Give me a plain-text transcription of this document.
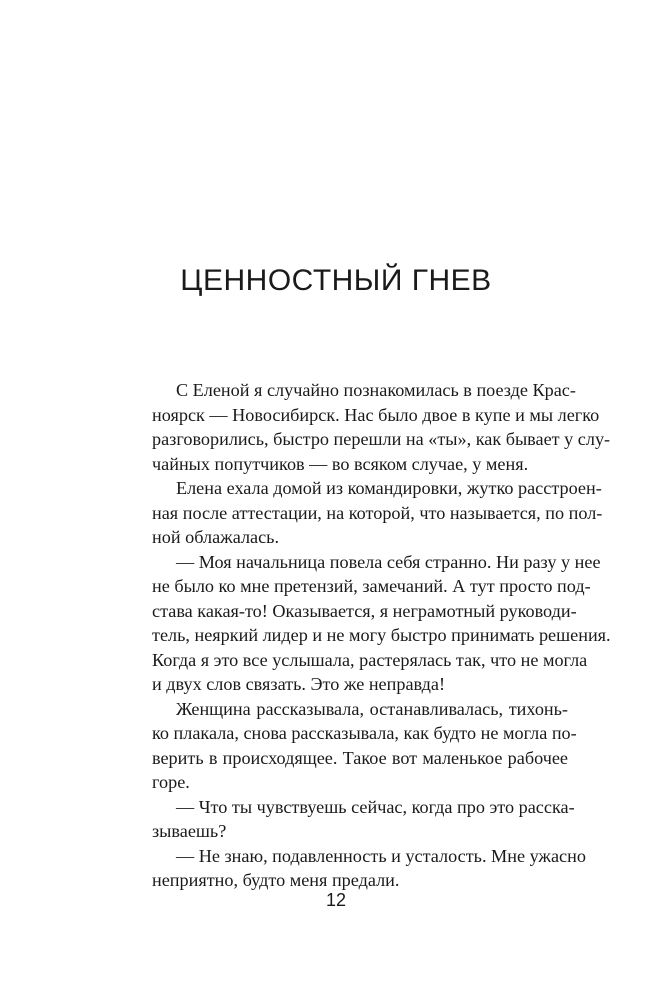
ЦЕННОСТНЫЙ ГНЕВ

С Еленой я случайно познакомилась в поезде Крас-
ноярск — Новосибирск. Нас было двое в купе и мы легко
разговорились, быстро перешли на «ты», как бывает у слу-
чайных попутчиков — во всяком случае, у меня.

Елена ехала домой из командировки, жутко расстроен-
ная после аттестации, на которой, что называется, по пол-
ной облажалась.

— Моя начальница повела себя странно. Ни разу у нее
не было ко мне претензий, замечаний. А тут просто под-
става какая-то! Оказывается, я неграмотный руководи-
тель, неяркий лидер и не могу быстро принимать решения.
Когда я это все услышала, растерялась так, что не могла
и двух слов связать. Это же неправда!

Женщина рассказывала, останавливалась, тихонь-
ко плакала, снова рассказывала, как будто не могла по-
верить в происходящее. Такое вот маленькое рабочее
горе.

— Что ты чувствуешь сейчас, когда про это расска-
зываешь?

— Не знаю, подавленность и усталость. Мне ужасно
неприятно, будто меня предали.

12
